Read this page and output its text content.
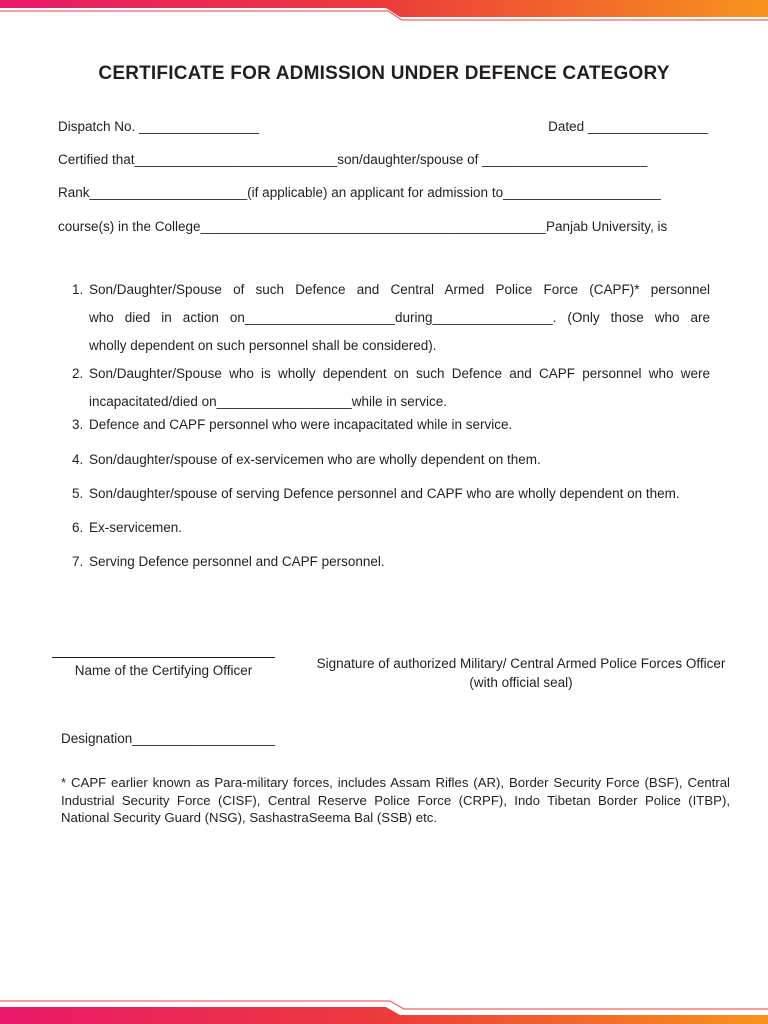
CERTIFICATE FOR ADMISSION UNDER DEFENCE CATEGORY
Dispatch No. ________________	Dated ________________
Certified that___________________________son/daughter/spouse of ______________________
Rank_____________________(if applicable) an applicant for admission to_____________________
course(s) in the College______________________________________________Panjab University, is
1. Son/Daughter/Spouse of such Defence and Central Armed Police Force (CAPF)* personnel
who died in action on____________________during________________. (Only those who are
wholly dependent on such personnel shall be considered).
2. Son/Daughter/Spouse who is wholly dependent on such Defence and CAPF personnel who were
incapacitated/died on__________________while in service.
3. Defence and CAPF personnel who were incapacitated while in service.
4. Son/daughter/spouse of ex-servicemen who are wholly dependent on them.
5. Son/daughter/spouse of serving Defence personnel and CAPF who are wholly dependent on them.
6. Ex-servicemen.
7. Serving Defence personnel and CAPF personnel.
Name of the Certifying Officer	Signature of authorized Military/ Central Armed Police Forces Officer
(with official seal)
Designation___________________
* CAPF earlier known as Para-military forces, includes Assam Rifles (AR), Border Security Force (BSF), Central Industrial Security Force (CISF), Central Reserve Police Force (CRPF), Indo Tibetan Border Police (ITBP), National Security Guard (NSG), SashastraSeema Bal (SSB) etc.
